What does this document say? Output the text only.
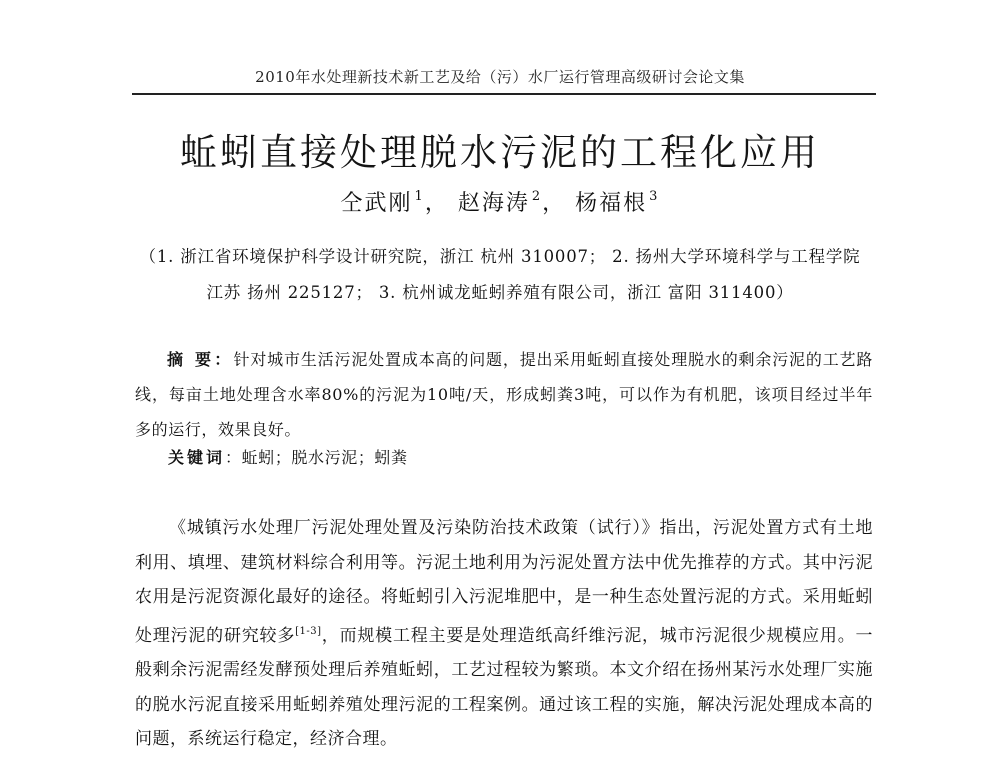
2010年水处理新技术新工艺及给（污）水厂运行管理高级研讨会论文集
蚯蚓直接处理脱水污泥的工程化应用
仝武刚 $^1$， 赵海涛 $^2$， 杨福根 $^3$
（1. 浙江省环境保护科学设计研究院，浙江 杭州 310007； 2. 扬州大学环境科学与工程学院
江苏 扬州 225127； 3. 杭州诚龙蚯蚓养殖有限公司，浙江 富阳 311400）
摘 要：针对城市生活污泥处置成本高的问题，提出采用蚯蚓直接处理脱水的剩余污泥的工艺路线，每亩土地处理含水率80%的污泥为10吨/天，形成蚓粪3吨，可以作为有机肥，该项目经过半年多的运行，效果良好。
关键词：蚯蚓；脱水污泥；蚓粪
《城镇污水处理厂污泥处理处置及污染防治技术政策（试行）》指出，污泥处置方式有土地利用、填埋、建筑材料综合利用等。污泥土地利用为污泥处置方法中优先推荐的方式。其中污泥农用是污泥资源化最好的途径。将蚯蚓引入污泥堆肥中，是一种生态处置污泥的方式。采用蚯蚓处理污泥的研究较多[1-3]，而规模工程主要是处理造纸高纤维污泥，城市污泥很少规模应用。一般剩余污泥需经发酵预处理后养殖蚯蚓，工艺过程较为繁琐。本文介绍在扬州某污水处理厂实施的脱水污泥直接采用蚯蚓养殖处理污泥的工程案例。通过该工程的实施，解决污泥处理成本高的问题，系统运行稳定，经济合理。
